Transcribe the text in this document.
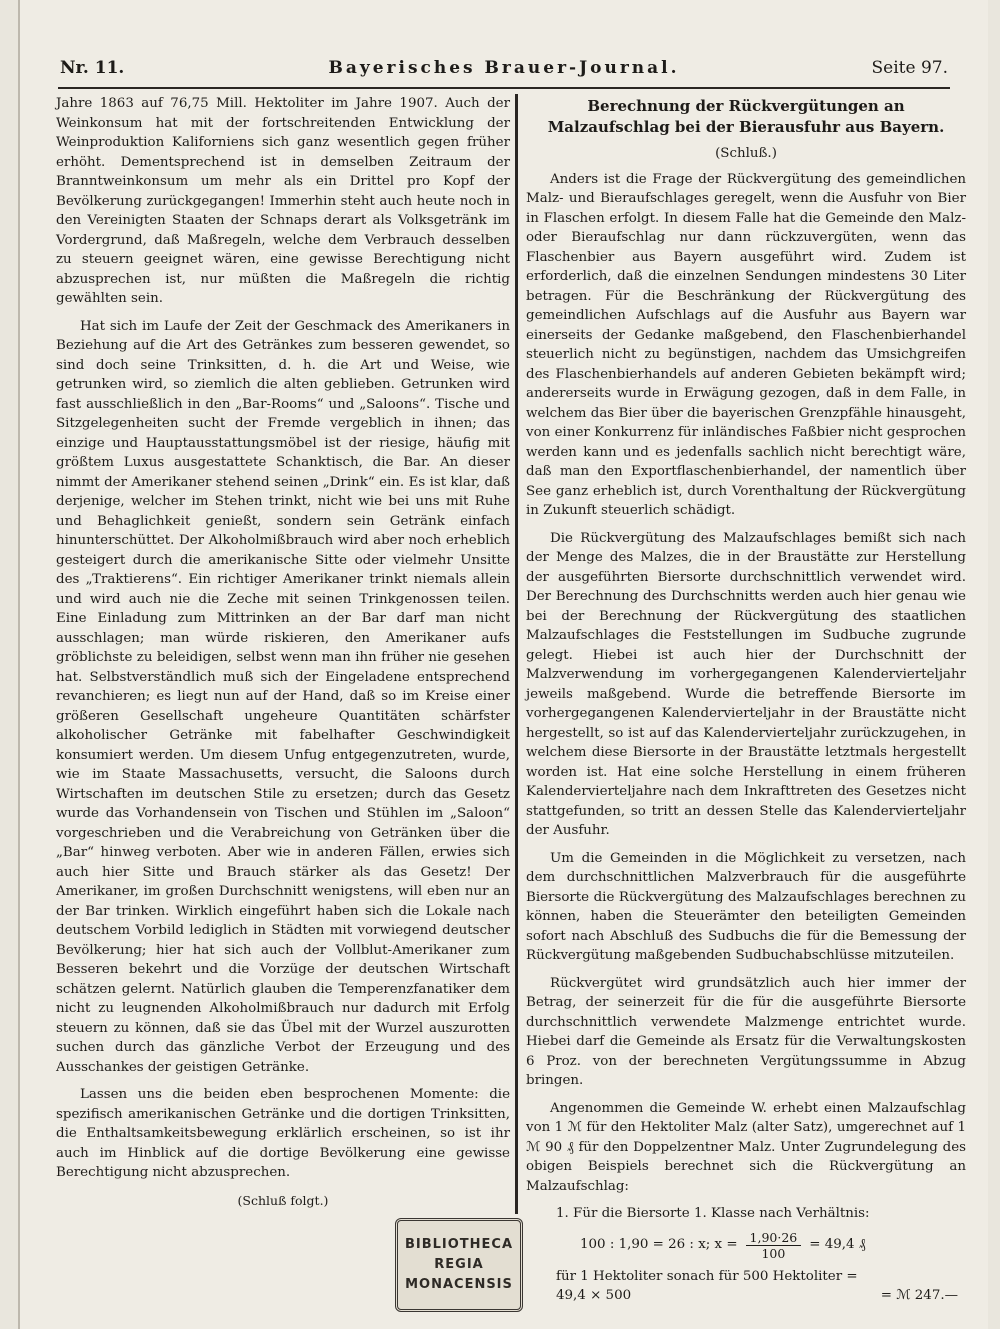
Nr. 11.	Bayerisches Brauer-Journal.	Seite 97.

Jahre 1863 auf 76,75 Mill. Hektoliter im Jahre 1907. Auch der Weinkonsum hat mit der fortschreitenden Entwicklung der Weinproduktion Kaliforniens sich ganz wesentlich gegen früher erhöht. Dementsprechend ist in demselben Zeitraum der Branntweinkonsum um mehr als ein Drittel pro Kopf der Bevölkerung zurückgegangen! Immerhin steht auch heute noch in den Vereinigten Staaten der Schnaps derart als Volksgetränk im Vordergrund, daß Maßregeln, welche dem Verbrauch desselben zu steuern geeignet wären, eine gewisse Berechtigung nicht abzusprechen ist, nur müßten die Maßregeln die richtig gewählten sein.

Hat sich im Laufe der Zeit der Geschmack des Amerikaners in Beziehung auf die Art des Getränkes zum besseren gewendet, so sind doch seine Trinksitten, d. h. die Art und Weise, wie getrunken wird, so ziemlich die alten geblieben. Getrunken wird fast ausschließlich in den „Bar-Rooms“ und „Saloons“. Tische und Sitzgelegenheiten sucht der Fremde vergeblich in ihnen; das einzige und Hauptausstattungsmöbel ist der riesige, häufig mit größtem Luxus ausgestattete Schanktisch, die Bar. An dieser nimmt der Amerikaner stehend seinen „Drink“ ein. Es ist klar, daß derjenige, welcher im Stehen trinkt, nicht wie bei uns mit Ruhe und Behaglichkeit genießt, sondern sein Getränk einfach hinunterschüttet. Der Alkoholmißbrauch wird aber noch erheblich gesteigert durch die amerikanische Sitte oder vielmehr Unsitte des „Traktierens“. Ein richtiger Amerikaner trinkt niemals allein und wird auch nie die Zeche mit seinen Trinkgenossen teilen. Eine Einladung zum Mittrinken an der Bar darf man nicht ausschlagen; man würde riskieren, den Amerikaner aufs gröblichste zu beleidigen, selbst wenn man ihn früher nie gesehen hat. Selbstverständlich muß sich der Eingeladene entsprechend revanchieren; es liegt nun auf der Hand, daß so im Kreise einer größeren Gesellschaft ungeheure Quantitäten schärfster alkoholischer Getränke mit fabelhafter Geschwindigkeit konsumiert werden. Um diesem Unfug entgegenzutreten, wurde, wie im Staate Massachusetts, versucht, die Saloons durch Wirtschaften im deutschen Stile zu ersetzen; durch das Gesetz wurde das Vorhandensein von Tischen und Stühlen im „Saloon“ vorgeschrieben und die Verabreichung von Getränken über die „Bar“ hinweg verboten. Aber wie in anderen Fällen, erwies sich auch hier Sitte und Brauch stärker als das Gesetz! Der Amerikaner, im großen Durchschnitt wenigstens, will eben nur an der Bar trinken. Wirklich eingeführt haben sich die Lokale nach deutschem Vorbild lediglich in Städten mit vorwiegend deutscher Bevölkerung; hier hat sich auch der Vollblut-Amerikaner zum Besseren bekehrt und die Vorzüge der deutschen Wirtschaft schätzen gelernt. Natürlich glauben die Temperenzfanatiker dem nicht zu leugnenden Alkoholmißbrauch nur dadurch mit Erfolg steuern zu können, daß sie das Übel mit der Wurzel auszurotten suchen durch das gänzliche Verbot der Erzeugung und des Ausschankes der geistigen Getränke.

Lassen uns die beiden eben besprochenen Momente: die spezifisch amerikanischen Getränke und die dortigen Trinksitten, die Enthaltsamkeitsbewegung erklärlich erscheinen, so ist ihr auch im Hinblick auf die dortige Bevölkerung eine gewisse Berechtigung nicht abzusprechen.

(Schluß folgt.)
Berechnung der Rückvergütungen an Malzaufschlag bei der Bierausfuhr aus Bayern.
(Schluß.)

Anders ist die Frage der Rückvergütung des gemeindlichen Malz- und Bieraufschlages geregelt, wenn die Ausfuhr von Bier in Flaschen erfolgt. In diesem Falle hat die Gemeinde den Malz- oder Bieraufschlag nur dann rückzuvergüten, wenn das Flaschenbier aus Bayern ausgeführt wird. Zudem ist erforderlich, daß die einzelnen Sendungen mindestens 30 Liter betragen. Für die Beschränkung der Rückvergütung des gemeindlichen Aufschlags auf die Ausfuhr aus Bayern war einerseits der Gedanke maßgebend, den Flaschenbierhandel steuerlich nicht zu begünstigen, nachdem das Umsichgreifen des Flaschenbierhandels auf anderen Gebieten bekämpft wird; andererseits wurde in Erwägung gezogen, daß in dem Falle, in welchem das Bier über die bayerischen Grenzpfähle hinausgeht, von einer Konkurrenz für inländisches Faßbier nicht gesprochen werden kann und es jedenfalls sachlich nicht berechtigt wäre, daß man den Exportflaschenbierhandel, der namentlich über See ganz erheblich ist, durch Vorenthaltung der Rückvergütung in Zukunft steuerlich schädigt.

Die Rückvergütung des Malzaufschlages bemißt sich nach der Menge des Malzes, die in der Braustätte zur Herstellung der ausgeführten Biersorte durchschnittlich verwendet wird. Der Berechnung des Durchschnitts werden auch hier genau wie bei der Berechnung der Rückvergütung des staatlichen Malzaufschlages die Feststellungen im Sudbuche zugrunde gelegt. Hiebei ist auch hier der Durchschnitt der Malzverwendung im vorhergegangenen Kalendervierteljahr jeweils maßgebend. Wurde die betreffende Biersorte im vorhergegangenen Kalendervierteljahr in der Braustätte nicht hergestellt, so ist auf das Kalendervierteljahr zurückzugehen, in welchem diese Biersorte in der Braustätte letztmals hergestellt worden ist. Hat eine solche Herstellung in einem früheren Kalendervierteljahre nach dem Inkrafttreten des Gesetzes nicht stattgefunden, so tritt an dessen Stelle das Kalendervierteljahr der Ausfuhr.

Um die Gemeinden in die Möglichkeit zu versetzen, nach dem durchschnittlichen Malzverbrauch für die ausgeführte Biersorte die Rückvergütung des Malzaufschlages berechnen zu können, haben die Steuerämter den beteiligten Gemeinden sofort nach Abschluß des Sudbuchs die für die Bemessung der Rückvergütung maßgebenden Sudbuchabschlüsse mitzuteilen.

Rückvergütet wird grundsätzlich auch hier immer der Betrag, der seinerzeit für die für die ausgeführte Biersorte durchschnittlich verwendete Malzmenge entrichtet wurde. Hiebei darf die Gemeinde als Ersatz für die Verwaltungskosten 6 Proz. von der berechneten Vergütungssumme in Abzug bringen.

Angenommen die Gemeinde W. erhebt einen Malzaufschlag von 1 ℳ für den Hektoliter Malz (alter Satz), umgerechnet auf 1 ℳ 90 ₰ für den Doppelzentner Malz. Unter Zugrundelegung des obigen Beispiels berechnet sich die Rückvergütung an Malzaufschlag:

1. Für die Biersorte 1. Klasse nach Verhältnis:
100 : 1,90 = 26 : x; $x = \frac{1,90\cdot 26}{100} = 49,4$ ₰
für 1 Hektoliter sonach für 500 Hektoliter =
49,4 × 500	= ℳ 247.—
BIBLIOTHECA
REGIA
MONACENSIS
